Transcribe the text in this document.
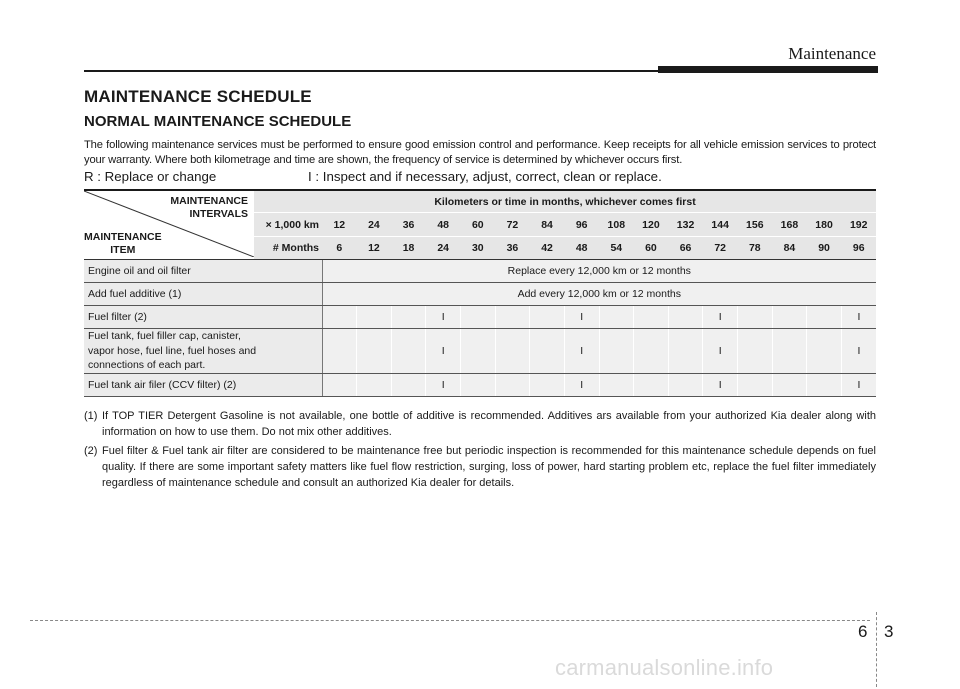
Maintenance
MAINTENANCE SCHEDULE
NORMAL MAINTENANCE SCHEDULE
The following maintenance services must be performed to ensure good emission control and performance. Keep receipts for all vehicle emission services to protect your warranty. Where both kilometrage and time are shown, the frequency of service is determined by whichever occurs first.
R : Replace or change	I : Inspect and if necessary, adjust, correct, clean or replace.
MAINTENANCE
INTERVALS
MAINTENANCE
ITEM	Kilometers or time in months, whichever comes first																
	× 1,000 km	12	24	36	48	60	72	84	96	108	120	132	144	156	168	180	192
	# Months	6	12	18	24	30	36	42	48	54	60	66	72	78	84	90	96

Engine oil and oil filter		Replace every 12,000 km or 12 months															

Add fuel additive (1)		Add every 12,000 km or 12 months															

Fuel filter (2)					I				I				I				I

Fuel tank, fuel filler cap, canister,
vapor hose, fuel line, fuel hoses and
connections of each part.					I				I				I				I

Fuel tank air filer (CCV filter) (2)					I				I				I				I
(1) If TOP TIER Detergent Gasoline is not available, one bottle of additive is recommended. Additives ars available from your authorized Kia dealer along with information on how to use them. Do not mix other additives.
(2) Fuel filter & Fuel tank air filter are considered to be maintenance free but periodic inspection is recommended for this maintenance schedule depends on fuel quality. If there are some important safety matters like fuel flow restriction, surging, loss of power, hard starting problem etc, replace the fuel filter immediately regardless of maintenance schedule and consult an authorized Kia dealer for details.
6 3
carmanualsonline.info
